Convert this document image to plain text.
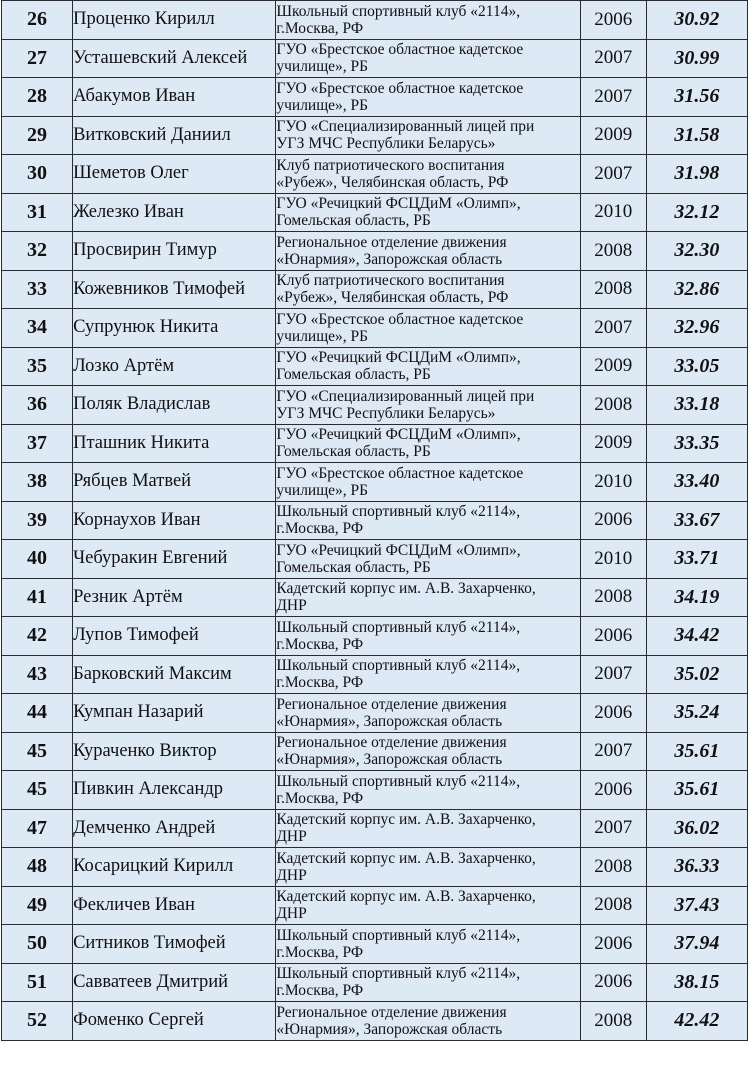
26	Проценко Кирилл	Школьный спортивный клуб «2114»,
г.Москва, РФ	2006	30.92
27	Усташевский Алексей	ГУО «Брестское областное кадетское
училище», РБ	2007	30.99
28	Абакумов Иван	ГУО «Брестское областное кадетское
училище», РБ	2007	31.56
29	Витковский Даниил	ГУО «Специализированный лицей при
УГЗ МЧС Республики Беларусь»	2009	31.58
30	Шеметов Олег	Клуб патриотического воспитания
«Рубеж», Челябинская область, РФ	2007	31.98
31	Железко Иван	ГУО «Речицкий ФСЦДиМ «Олимп»,
Гомельская область, РБ	2010	32.12
32	Просвирин Тимур	Региональное отделение движения
«Юнармия», Запорожская область	2008	32.30
33	Кожевников Тимофей	Клуб патриотического воспитания
«Рубеж», Челябинская область, РФ	2008	32.86
34	Супрунюк Никита	ГУО «Брестское областное кадетское
училище», РБ	2007	32.96
35	Лозко Артём	ГУО «Речицкий ФСЦДиМ «Олимп»,
Гомельская область, РБ	2009	33.05
36	Поляк Владислав	ГУО «Специализированный лицей при
УГЗ МЧС Республики Беларусь»	2008	33.18
37	Пташник Никита	ГУО «Речицкий ФСЦДиМ «Олимп»,
Гомельская область, РБ	2009	33.35
38	Рябцев Матвей	ГУО «Брестское областное кадетское
училище», РБ	2010	33.40
39	Корнаухов Иван	Школьный спортивный клуб «2114»,
г.Москва, РФ	2006	33.67
40	Чебуракин Евгений	ГУО «Речицкий ФСЦДиМ «Олимп»,
Гомельская область, РБ	2010	33.71
41	Резник Артём	Кадетский корпус им. А.В. Захарченко,
ДНР	2008	34.19
42	Лупов Тимофей	Школьный спортивный клуб «2114»,
г.Москва, РФ	2006	34.42
43	Барковский Максим	Школьный спортивный клуб «2114»,
г.Москва, РФ	2007	35.02
44	Кумпан Назарий	Региональное отделение движения
«Юнармия», Запорожская область	2006	35.24
45	Кураченко Виктор	Региональное отделение движения
«Юнармия», Запорожская область	2007	35.61
45	Пивкин Александр	Школьный спортивный клуб «2114»,
г.Москва, РФ	2006	35.61
47	Демченко Андрей	Кадетский корпус им. А.В. Захарченко,
ДНР	2007	36.02
48	Косарицкий Кирилл	Кадетский корпус им. А.В. Захарченко,
ДНР	2008	36.33
49	Фекличев Иван	Кадетский корпус им. А.В. Захарченко,
ДНР	2008	37.43
50	Ситников Тимофей	Школьный спортивный клуб «2114»,
г.Москва, РФ	2006	37.94
51	Савватеев Дмитрий	Школьный спортивный клуб «2114»,
г.Москва, РФ	2006	38.15
52	Фоменко Сергей	Региональное отделение движения
«Юнармия», Запорожская область	2008	42.42
